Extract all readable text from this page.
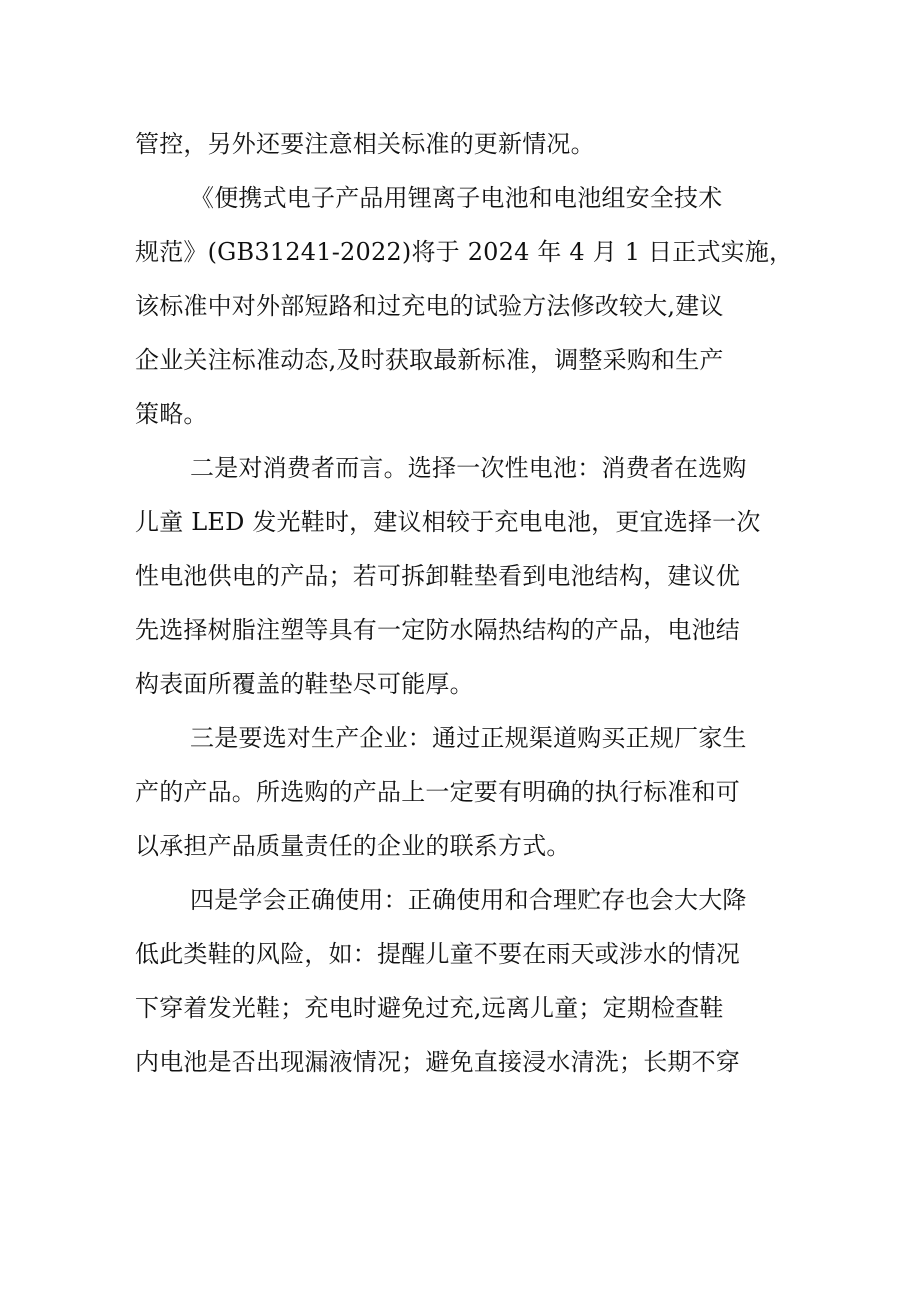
管控，另外还要注意相关标准的更新情况。
《便携式电子产品用锂离子电池和电池组安全技术
规范》(GB31241-2022)将于 2024 年 4 月 1 日正式实施，
该标准中对外部短路和过充电的试验方法修改较大,建议
企业关注标准动态,及时获取最新标准，调整采购和生产
策略。
二是对消费者而言。选择一次性电池：消费者在选购
儿童 LED 发光鞋时，建议相较于充电电池，更宜选择一次
性电池供电的产品；若可拆卸鞋垫看到电池结构，建议优
先选择树脂注塑等具有一定防水隔热结构的产品，电池结
构表面所覆盖的鞋垫尽可能厚。
三是要选对生产企业：通过正规渠道购买正规厂家生
产的产品。所选购的产品上一定要有明确的执行标准和可
以承担产品质量责任的企业的联系方式。
四是学会正确使用：正确使用和合理贮存也会大大降
低此类鞋的风险，如：提醒儿童不要在雨天或涉水的情况
下穿着发光鞋；充电时避免过充,远离儿童；定期检查鞋
内电池是否出现漏液情况；避免直接浸水清洗；长期不穿
